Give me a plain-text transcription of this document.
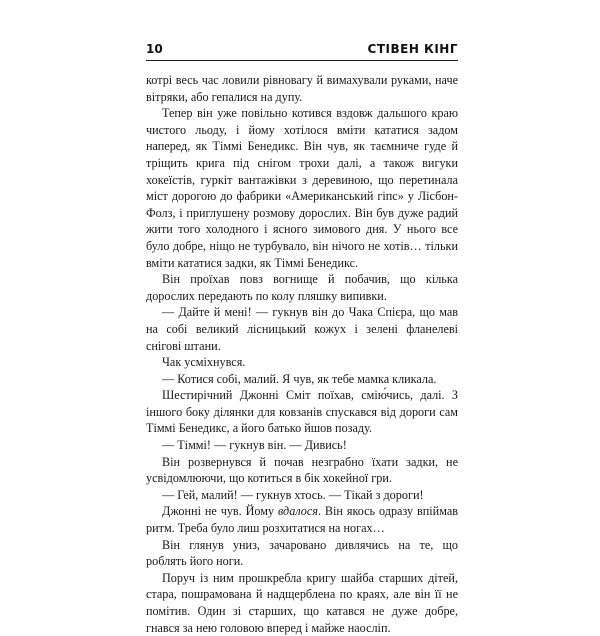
10	СТІВЕН КІНГ

котрі весь час ловили рівновагу й вимахували руками, наче вітряки, або гепалися на дупу.

Тепер він уже повільно котився вздовж дальшого краю чистого льоду, і йому хотілося вміти кататися задом наперед, як Тіммі Бенедикс. Він чув, як таємниче гуде й тріщить крига під снігом трохи далі, а також вигуки хокеїстів, гуркіт вантажівки з деревиною, що перетинала міст дорогою до фабрики «Американський гіпс» у Лісбон-Фолз, і приглушену розмову дорослих. Він був дуже радий жити того холодного і ясного зимового дня. У нього все було добре, ніщо не турбувало, він нічого не хотів… тільки вміти кататися задки, як Тіммі Бенедикс.

Він проїхав повз вогнище й побачив, що кілька дорослих передають по колу пляшку випивки.

— Дайте й мені! — гукнув він до Чака Спієра, що мав на собі великий лісницький кожух і зелені фланелеві снігові штани.

Чак усміхнувся.

— Котися собі, малий. Я чув, як тебе мамка кликала.

Шестирічний Джонні Сміт поїхав, смію́чись, далі. З іншого боку ділянки для ковзанів спускався від дороги сам Тіммі Бенедикс, а його батько йшов позаду.

— Тіммі! — гукнув він. — Дивись!

Він розвернувся й почав незграбно їхати задки, не усвідомлюючи, що котиться в бік хокейної гри.

— Гей, малий! — гукнув хтось. — Тікай з дороги!

Джонні не чув. Йому вдалося. Він якось одразу впіймав ритм. Треба було лиш розхитатися на ногах…

Він глянув униз, зачаровано дивлячись на те, що роблять його ноги.

Поруч із ним прошкребла кригу шайба старших дітей, стара, пошрамована й надщерблена по краях, але він її не помітив. Один зі старших, що катався не дуже добре, гнався за нею головою вперед і майже наосліп.
